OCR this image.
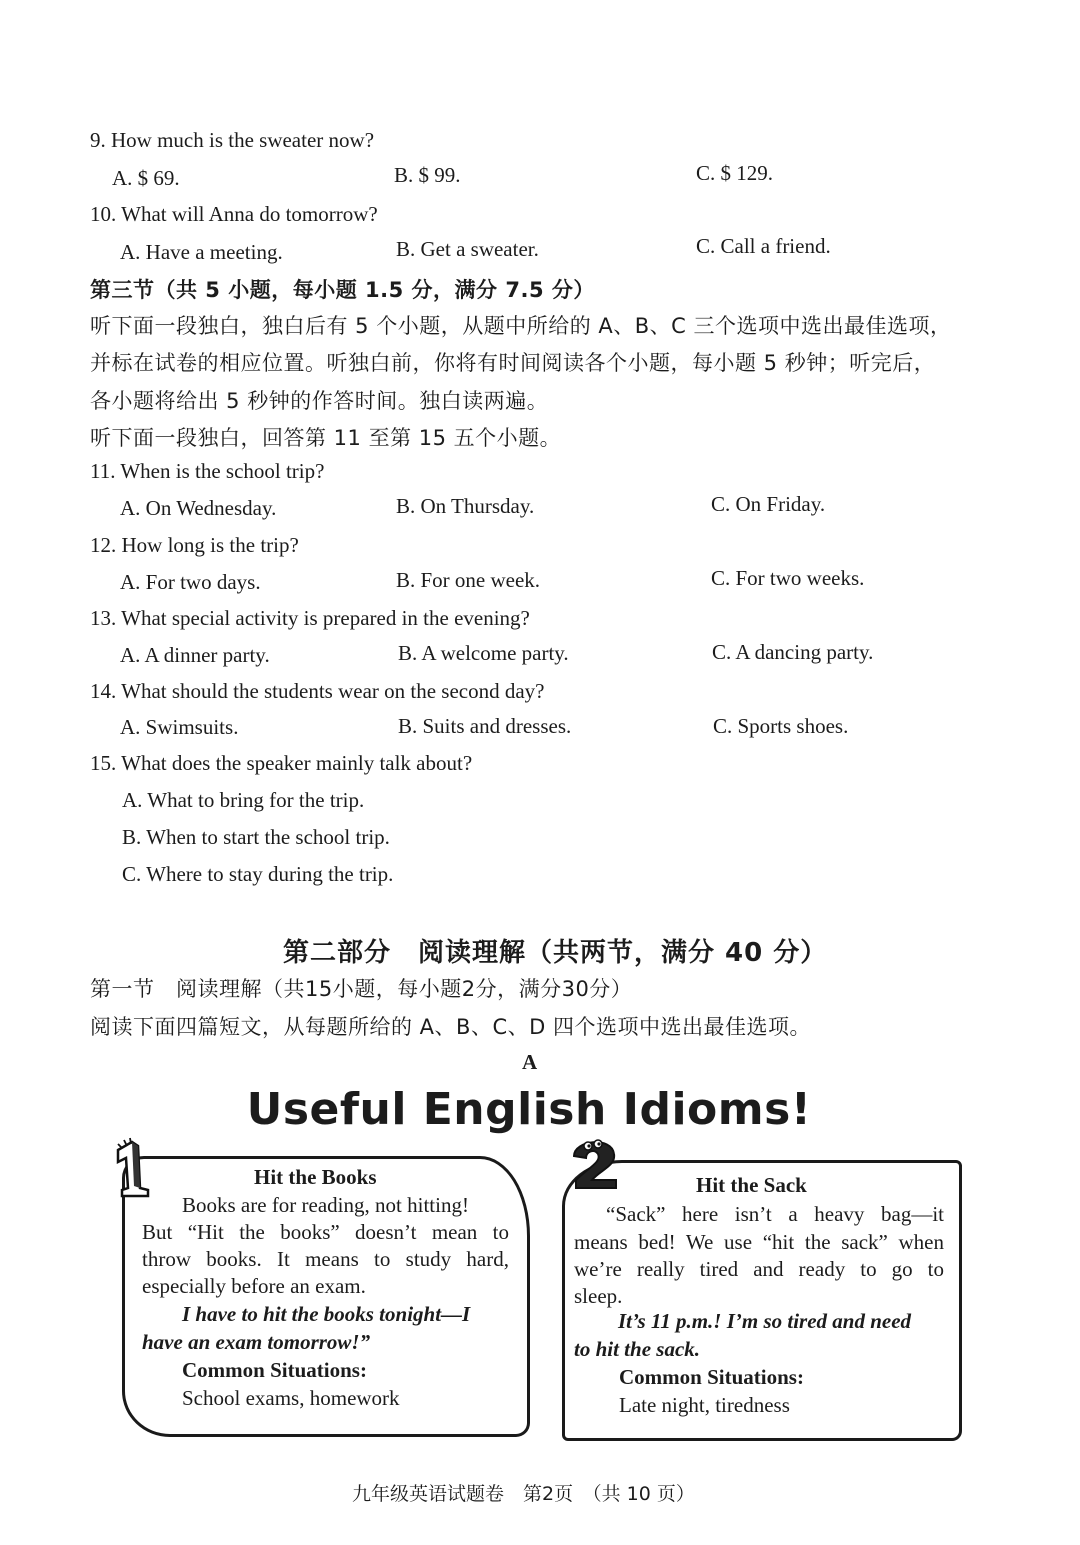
9. How much is the sweater now?
A. $ 69.	B. $ 99.	C. $ 129.
10. What will Anna do tomorrow?
A. Have a meeting.	B. Get a sweater.	C. Call a friend.
第三节（共 5 小题，每小题 1.5 分，满分 7.5 分）
听下面一段独白，独白后有 5 个小题，从题中所给的 A、B、C 三个选项中选出最佳选项，
并标在试卷的相应位置。听独白前，你将有时间阅读各个小题，每小题 5 秒钟；听完后，
各小题将给出 5 秒钟的作答时间。独白读两遍。
听下面一段独白，回答第 11 至第 15 五个小题。
11. When is the school trip?
A. On Wednesday.	B. On Thursday.	C. On Friday.
12. How long is the trip?
A. For two days.	B. For one week.	C. For two weeks.
13. What special activity is prepared in the evening?
A. A dinner party.	B. A welcome party.	C. A dancing party.
14. What should the students wear on the second day?
A. Swimsuits.	B. Suits and dresses.	C. Sports shoes.
15. What does the speaker mainly talk about?
A. What to bring for the trip.
B. When to start the school trip.
C. Where to stay during the trip.
第二部分　阅读理解（共两节，满分 40 分）
第一节　阅读理解（共15小题，每小题2分，满分30分）
阅读下面四篇短文，从每题所给的 A、B、C、D 四个选项中选出最佳选项。
A
Useful English Idioms!
Hit the Books
Books are for reading, not hitting!
But “Hit the books” doesn’t mean to
throw books. It means to study hard,
especially before an exam.
I have to hit the books tonight—I
have an exam tomorrow!”
Common Situations:
School exams, homework
Hit the Sack
“Sack” here isn’t a heavy bag—it
means bed! We use “hit the sack” when
we’re really tired and ready to go to
sleep.
It’s 11 p.m.! I’m so tired and need
to hit the sack.
Common Situations:
Late night, tiredness
九年级英语试题卷　第2页　（共 10 页）
